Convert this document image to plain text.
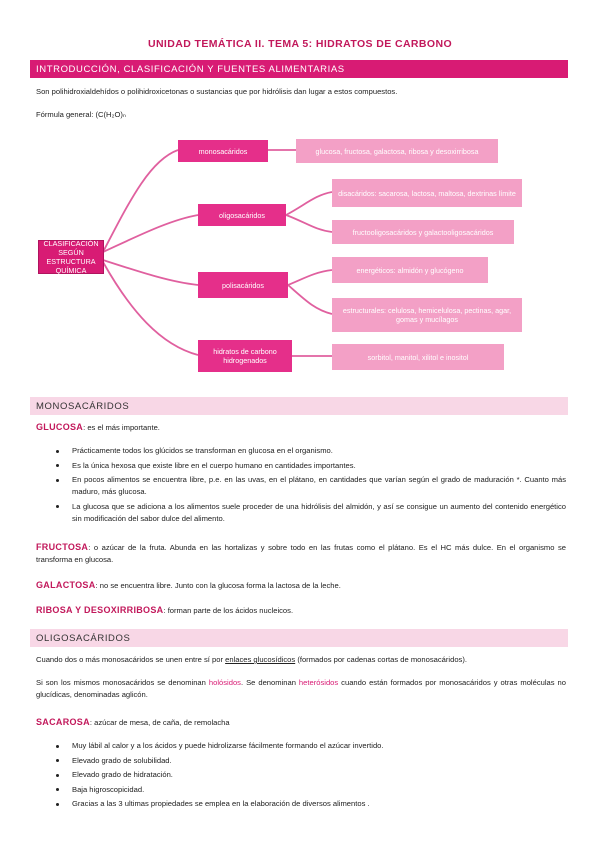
UNIDAD TEMÁTICA II. TEMA 5: HIDRATOS DE CARBONO
INTRODUCCIÓN, CLASIFICACIÓN Y FUENTES ALIMENTARIAS
Son polihidroxialdehídos o polihidroxicetonas o sustancias que por hidrólisis dan lugar a estos compuestos.
Fórmula general: (C(H₂O)ₙ
CLASIFICACIÓN SEGÚN ESTRUCTURA QUÍMICA
monosacáridos
oligosacáridos
polisacáridos
hidratos de carbono hidrogenados
glucosa, fructosa, galactosa, ribosa y desoxirribosa
disacáridos: sacarosa, lactosa, maltosa, dextrinas límite
fructooligosacáridos y galactooligosacáridos
energéticos: almidón y glucógeno
estructurales: celulosa, hemicelulosa, pectinas, agar, gomas y mucílagos
sorbitol, manitol, xilitol e inositol
MONOSACÁRIDOS
GLUCOSA: es el más importante.
Prácticamente todos los glúcidos se transforman en glucosa en el organismo.
Es la única hexosa que existe libre en el cuerpo humano en cantidades importantes.
En pocos alimentos se encuentra libre, p.e. en las uvas, en el plátano, en cantidades que varían según el grado de maduración *. Cuanto más maduro, más glucosa.
La glucosa que se adiciona a los alimentos suele proceder de una hidrólisis del almidón, y así se consigue un aumento del contenido energético sin modificación del sabor dulce del alimento.
FRUCTOSA: o azúcar de la fruta. Abunda en las hortalizas y sobre todo en las frutas como el plátano. Es el HC más dulce. En el organismo se transforma en glucosa.
GALACTOSA: no se encuentra libre. Junto con la glucosa forma la lactosa de la leche.
RIBOSA Y DESOXIRRIBOSA: forman parte de los ácidos nucleicos.
OLIGOSACÁRIDOS
Cuando dos o más monosacáridos se unen entre sí por enlaces glucosídicos (formados por cadenas cortas de monosacáridos).
Si son los mismos monosacáridos se denominan holósidos. Se denominan heterósidos cuando están formados por monosacáridos y otras moléculas no glucídicas, denominadas aglicón.
SACAROSA: azúcar de mesa, de caña, de remolacha
Muy lábil al calor y a los ácidos y puede hidrolizarse fácilmente formando el azúcar invertido.
Elevado grado de solubilidad.
Elevado grado de hidratación.
Baja higroscopicidad.
Gracias a las 3 ultimas propiedades se emplea en la elaboración de diversos alimentos .
